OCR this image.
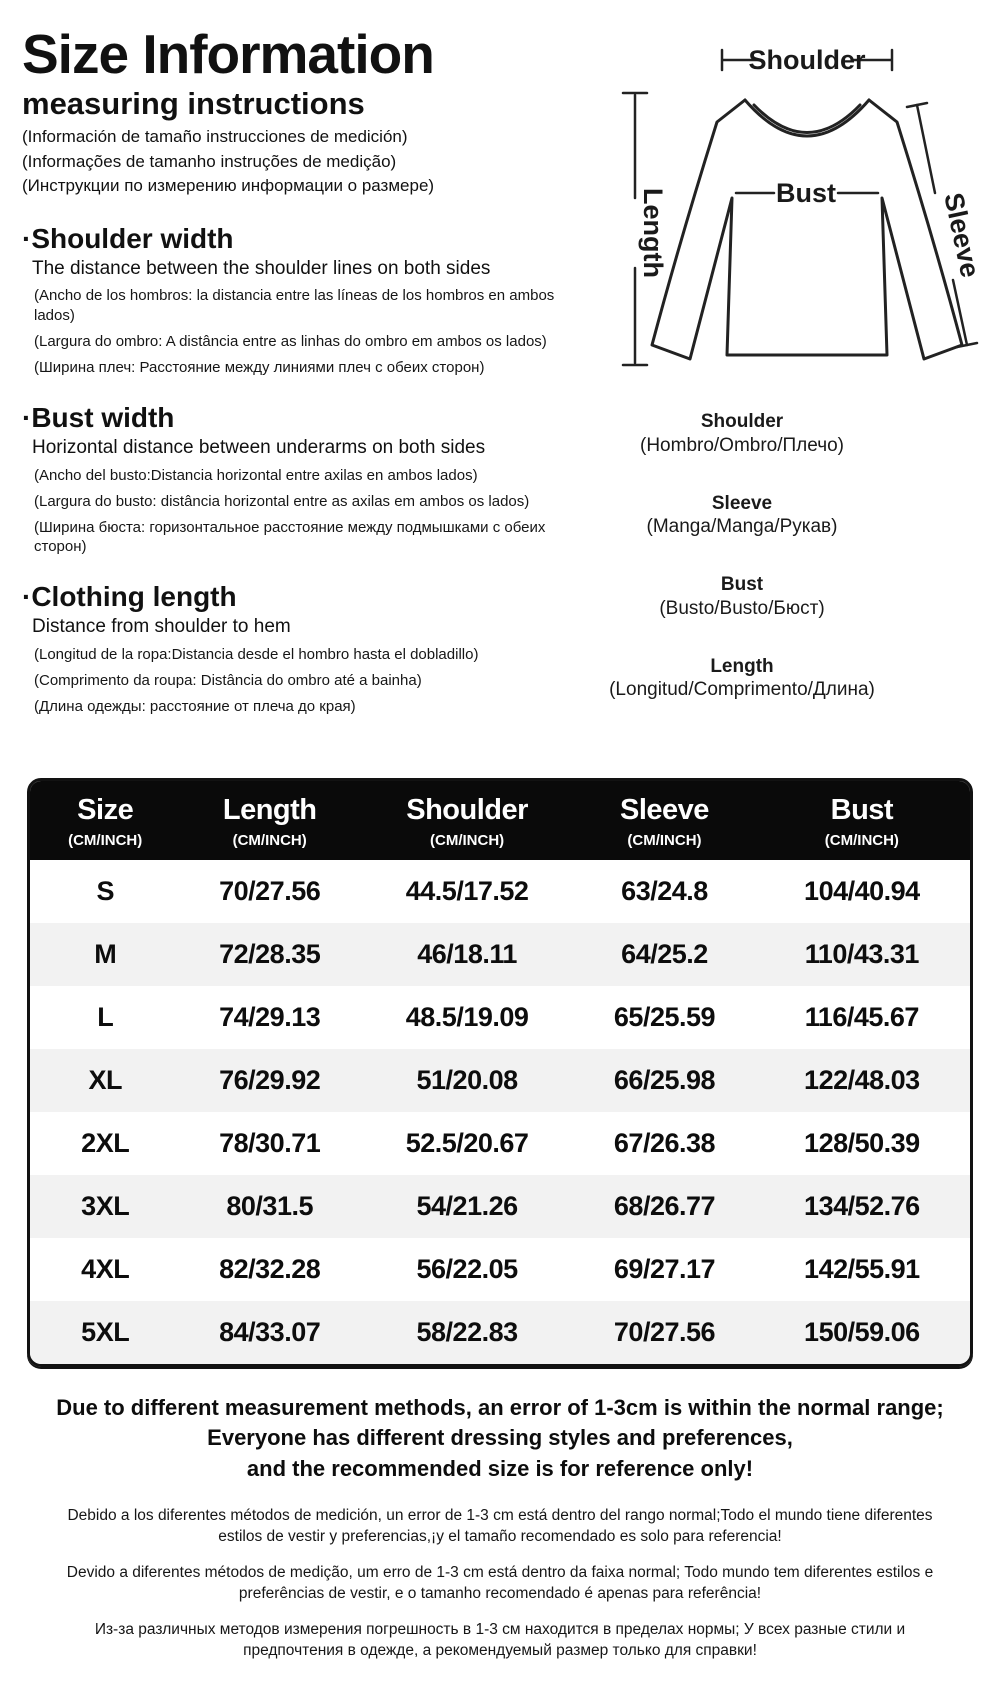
Size Information
measuring instructions
(Información de tamaño instrucciones de medición)
(Informações de tamanho instruções de medição)
(Инструкции по измерению информации о размере)
·Shoulder width
The distance between the shoulder lines on both sides
(Ancho de los hombros: la distancia entre las líneas de los hombros en ambos lados)
(Largura do ombro: A distância entre as linhas do ombro em ambos os lados)
(Ширина плеч: Расстояние между линиями плеч с обеих сторон)
·Bust width
Horizontal distance between underarms on both sides
(Ancho del busto:Distancia horizontal entre axilas en ambos lados)
(Largura do busto: distância horizontal entre as axilas em ambos os lados)
(Ширина бюста: горизонтальное расстояние между подмышками с обеих сторон)
·Clothing length
Distance from shoulder to hem
(Longitud de la ropa:Distancia desde el hombro hasta el dobladillo)
(Comprimento da roupa: Distância do ombro até a bainha)
(Длина одежды: расстояние от плеча до края)
Shoulder
Length	Bust	Sleeve
Shoulder
(Hombro/Ombro/Плечо)
Sleeve
(Manga/Manga/Рукав)
Bust
(Busto/Busto/Бюст)
Length
(Longitud/Comprimento/Длина)
Size
(CM/INCH)
Length
(CM/INCH)
Shoulder
(CM/INCH)
Sleeve
(CM/INCH)
Bust
(CM/INCH)
S	70/27.56	44.5/17.52	63/24.8	104/40.94
M	72/28.35	46/18.11	64/25.2	110/43.31
L	74/29.13	48.5/19.09	65/25.59	116/45.67
XL	76/29.92	51/20.08	66/25.98	122/48.03
2XL	78/30.71	52.5/20.67	67/26.38	128/50.39
3XL	80/31.5	54/21.26	68/26.77	134/52.76
4XL	82/32.28	56/22.05	69/27.17	142/55.91
5XL	84/33.07	58/22.83	70/27.56	150/59.06
Due to different measurement methods, an error of 1-3cm is within the normal range;
Everyone has different dressing styles and preferences,
and the recommended size is for reference only!
Debido a los diferentes métodos de medición, un error de 1-3 cm está dentro del rango normal;Todo el mundo tiene diferentes estilos de vestir y preferencias,¡y el tamaño recomendado es solo para referencia!
Devido a diferentes métodos de medição, um erro de 1-3 cm está dentro da faixa normal; Todo mundo tem diferentes estilos e preferências de vestir, e o tamanho recomendado é apenas para referência!
Из-за различных методов измерения погрешность в 1-3 см находится в пределах нормы; У всех разные стили и предпочтения в одежде, а рекомендуемый размер только для справки!
